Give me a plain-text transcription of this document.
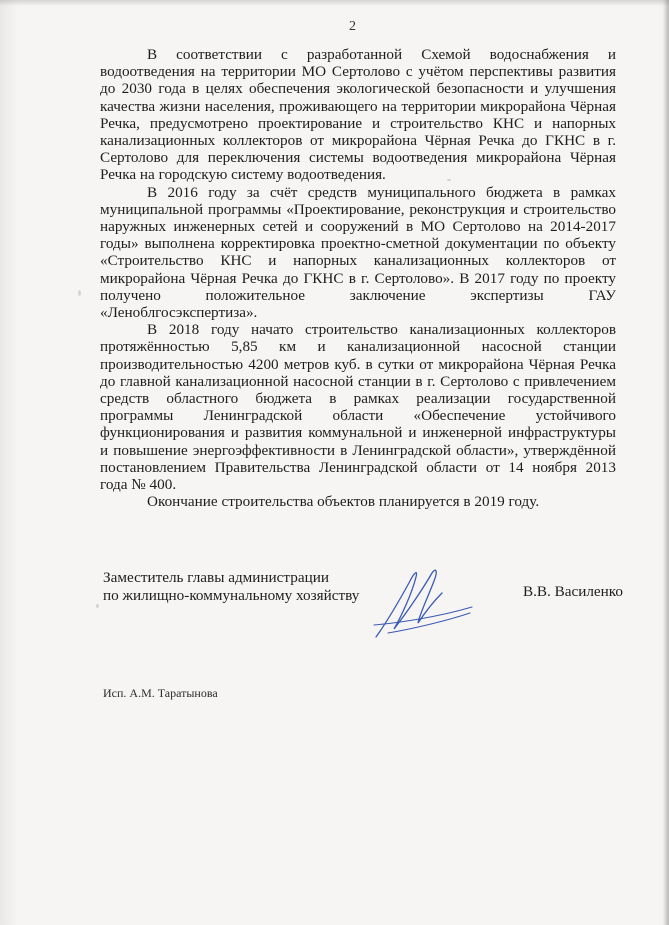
2

В соответствии с разработанной Схемой водоснабжения и
водоотведения на территории МО Сертолово с учётом перспективы развития
до 2030 года в целях обеспечения экологической безопасности и улучшения
качества жизни населения, проживающего на территории микрорайона Чёрная
Речка, предусмотрено проектирование и строительство КНС и напорных
канализационных коллекторов от микрорайона Чёрная Речка до ГКНС в г.
Сертолово для переключения системы водоотведения микрорайона Чёрная
Речка на городскую систему водоотведения.

В 2016 году за счёт средств муниципального бюджета в рамках
муниципальной программы «Проектирование, реконструкция и строительство
наружных инженерных сетей и сооружений в МО Сертолово на 2014-2017
годы» выполнена корректировка проектно-сметной документации по объекту
«Строительство КНС и напорных канализационных коллекторов от
микрорайона Чёрная Речка до ГКНС в г. Сертолово». В 2017 году по проекту
получено положительное заключение экспертизы ГАУ
«Леноблгосэкспертиза».

В 2018 году начато строительство канализационных коллекторов
протяжённостью 5,85 км и канализационной насосной станции
производительностью 4200 метров куб. в сутки от микрорайона Чёрная Речка
до главной канализационной насосной станции в г. Сертолово с привлечением
средств областного бюджета в рамках реализации государственной
программы Ленинградской области «Обеспечение устойчивого
функционирования и развития коммунальной и инженерной инфраструктуры
и повышение энергоэффективности в Ленинградской области», утверждённой
постановлением Правительства Ленинградской области от 14 ноября 2013
года № 400.

Окончание строительства объектов планируется в 2019 году.

Заместитель главы администрации
по жилищно-коммунальному хозяйству	В.В. Василенко
Исп. А.М. Таратынова
